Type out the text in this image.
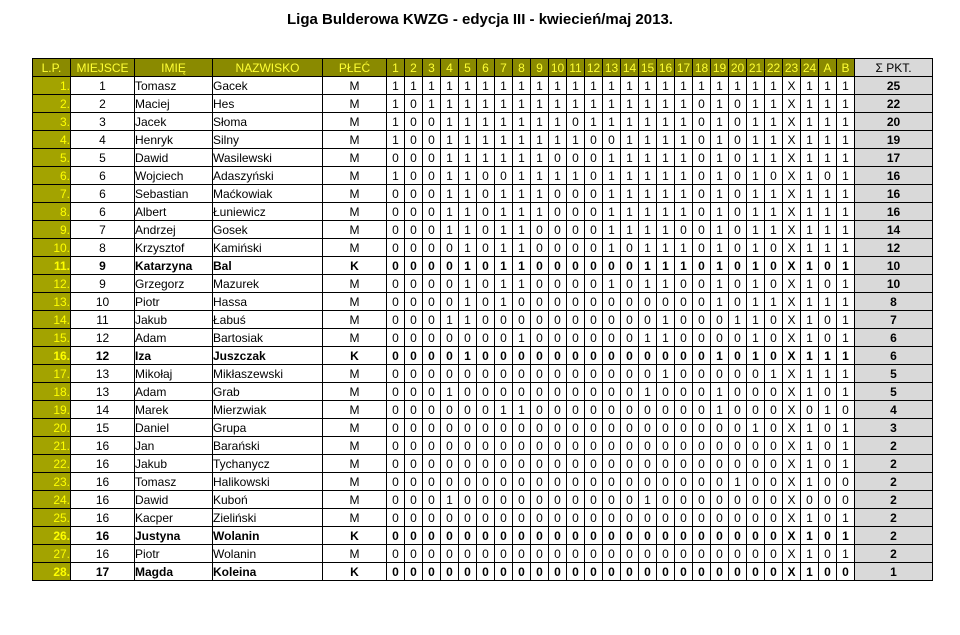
Liga Bulderowa KWZG - edycja III - kwiecień/maj 2013.
L.P.	MIEJSCE	IMIĘ	NAZWISKO	PŁEĆ	1	2	3	4	5	6	7	8	9	10	11	12	13	14	15	16	17	18	19	20	21	22	23	24	A	B	Σ PKT.
1.	1	Tomasz	Gacek	M	1	1	1	1	1	1	1	1	1	1	1	1	1	1	1	1	1	1	1	1	1	1	X	1	1	1	25
2.	2	Maciej	Hes	M	1	0	1	1	1	1	1	1	1	1	1	1	1	1	1	1	1	0	1	0	1	1	X	1	1	1	22
3.	3	Jacek	Słoma	M	1	0	0	1	1	1	1	1	1	1	0	1	1	1	1	1	1	0	1	0	1	1	X	1	1	1	20
4.	4	Henryk	Silny	M	1	0	0	1	1	1	1	1	1	1	1	0	0	1	1	1	1	0	1	0	1	1	X	1	1	1	19
5.	5	Dawid	Wasilewski	M	0	0	0	1	1	1	1	1	1	0	0	0	1	1	1	1	1	0	1	0	1	1	X	1	1	1	17
6.	6	Wojciech	Adaszyński	M	1	0	0	1	1	0	0	1	1	1	1	0	1	1	1	1	1	0	1	0	1	0	X	1	0	1	16
7.	6	Sebastian	Maćkowiak	M	0	0	0	1	1	0	1	1	1	0	0	0	1	1	1	1	1	0	1	0	1	1	X	1	1	1	16
8.	6	Albert	Łuniewicz	M	0	0	0	1	1	0	1	1	1	0	0	0	1	1	1	1	1	0	1	0	1	1	X	1	1	1	16
9.	7	Andrzej	Gosek	M	0	0	0	1	1	0	1	1	0	0	0	0	1	1	1	1	0	0	1	0	1	1	X	1	1	1	14
10.	8	Krzysztof	Kamiński	M	0	0	0	0	1	0	1	1	0	0	0	0	1	0	1	1	1	0	1	0	1	0	X	1	1	1	12
11.	9	Katarzyna	Bal	K	0	0	0	0	1	0	1	1	0	0	0	0	0	0	1	1	1	0	1	0	1	0	X	1	0	1	10
12.	9	Grzegorz	Mazurek	M	0	0	0	0	1	0	1	1	0	0	0	0	1	0	1	1	0	0	1	0	1	0	X	1	0	1	10
13.	10	Piotr	Hassa	M	0	0	0	0	1	0	1	0	0	0	0	0	0	0	0	0	0	0	1	0	1	1	X	1	1	1	8
14.	11	Jakub	Łabuś	M	0	0	0	1	1	0	0	0	0	0	0	0	0	0	0	1	0	0	0	1	1	0	X	1	0	1	7
15.	12	Adam	Bartosiak	M	0	0	0	0	0	0	0	1	0	0	0	0	0	0	1	1	0	0	0	0	1	0	X	1	0	1	6
16.	12	Iza	Juszczak	K	0	0	0	0	1	0	0	0	0	0	0	0	0	0	0	0	0	0	1	0	1	0	X	1	1	1	6
17.	13	Mikołaj	Mikłaszewski	M	0	0	0	0	0	0	0	0	0	0	0	0	0	0	0	1	0	0	0	0	0	1	X	1	1	1	5
18.	13	Adam	Grab	M	0	0	0	1	0	0	0	0	0	0	0	0	0	0	1	0	0	0	1	0	0	0	X	1	0	1	5
19.	14	Marek	Mierzwiak	M	0	0	0	0	0	0	1	1	0	0	0	0	0	0	0	0	0	0	1	0	0	0	X	0	1	0	4
20.	15	Daniel	Grupa	M	0	0	0	0	0	0	0	0	0	0	0	0	0	0	0	0	0	0	0	0	1	0	X	1	0	1	3
21.	16	Jan	Barański	M	0	0	0	0	0	0	0	0	0	0	0	0	0	0	0	0	0	0	0	0	0	0	X	1	0	1	2
22.	16	Jakub	Tychanycz	M	0	0	0	0	0	0	0	0	0	0	0	0	0	0	0	0	0	0	0	0	0	0	X	1	0	1	2
23.	16	Tomasz	Halikowski	M	0	0	0	0	0	0	0	0	0	0	0	0	0	0	0	0	0	0	0	1	0	0	X	1	0	0	2
24.	16	Dawid	Kuboń	M	0	0	0	1	0	0	0	0	0	0	0	0	0	0	1	0	0	0	0	0	0	0	X	0	0	0	2
25.	16	Kacper	Zieliński	M	0	0	0	0	0	0	0	0	0	0	0	0	0	0	0	0	0	0	0	0	0	0	X	1	0	1	2
26.	16	Justyna	Wolanin	K	0	0	0	0	0	0	0	0	0	0	0	0	0	0	0	0	0	0	0	0	0	0	X	1	0	1	2
27.	16	Piotr	Wolanin	M	0	0	0	0	0	0	0	0	0	0	0	0	0	0	0	0	0	0	0	0	0	0	X	1	0	1	2
28.	17	Magda	Koleina	K	0	0	0	0	0	0	0	0	0	0	0	0	0	0	0	0	0	0	0	0	0	0	X	1	0	0	1
